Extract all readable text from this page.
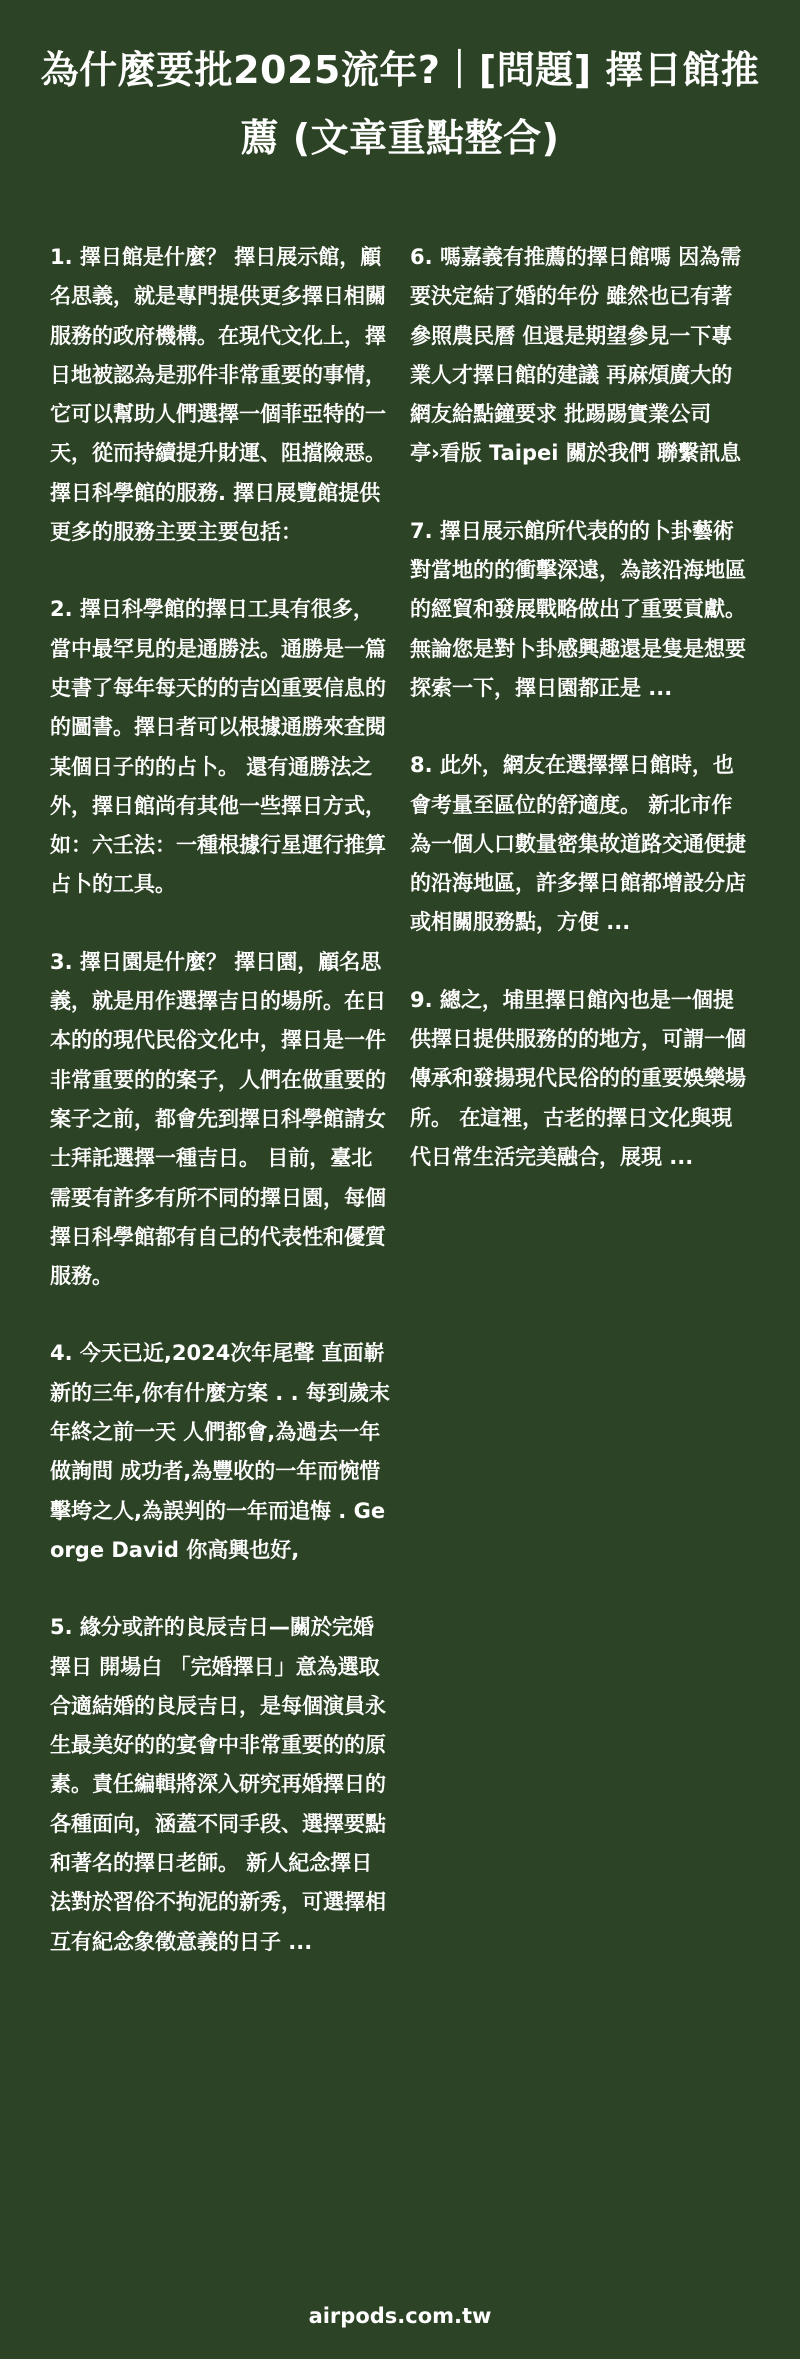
為什麼要批2025流年?｜[問題] 擇日館推薦 (文章重點整合)

1. 擇日館是什麼？ 擇日展示館，顧名思義，就是專門提供更多擇日相關服務的政府機構。在現代文化上，擇日地被認為是那件非常重要的事情，它可以幫助人們選擇一個菲亞特的一天，從而持續提升財運、阻擋險惡。 擇日科學館的服務. 擇日展覽館提供更多的服務主要主要包括：

2. 擇日科學館的擇日工具有很多，當中最罕見的是通勝法。通勝是一篇史書了每年每天的的吉凶重要信息的的圖書。擇日者可以根據通勝來查閱某個日子的的占卜。 還有通勝法之外，擇日館尚有其他一些擇日方式，如：六壬法：一種根據行星運行推算占卜的工具。

3. 擇日園是什麼？ 擇日園，顧名思義，就是用作選擇吉日的場所。在日本的的現代民俗文化中，擇日是一件非常重要的的案子，人們在做重要的案子之前，都會先到擇日科學館請女士拜託選擇一種吉日。 目前，臺北需要有許多有所不同的擇日園，每個擇日科學館都有自己的代表性和優質服務。

4. 今天已近,2024次年尾聲 直面嶄新的三年,你有什麼方案 . . 每到歲末年終之前一天 人們都會,為過去一年做詢問 成功者,為豐收的一年而惋惜 擊垮之人,為誤判的一年而追悔 . George David 你高興也好,

5. 緣分或許的良辰吉日—關於完婚擇日 開場白 「完婚擇日」意為選取合適結婚的良辰吉日，是每個演員永生最美好的的宴會中非常重要的的原素。責任編輯將深入研究再婚擇日的各種面向，涵蓋不同手段、選擇要點和著名的擇日老師。 新人紀念擇日法對於習俗不拘泥的新秀，可選擇相互有紀念象徵意義的日子 ...

6. 嗎嘉義有推薦的擇日館嗎 因為需要決定結了婚的年份 雖然也已有著參照農民曆 但還是期望參見一下專業人才擇日館的建議 再麻煩廣大的網友給點鐘要求 批踢踢實業公司亭›看版 Taipei 關於我們 聯繫訊息

7. 擇日展示館所代表的的卜卦藝術對當地的的衝擊深遠，為該沿海地區的經貿和發展戰略做出了重要貢獻。 無論您是對卜卦感興趣還是隻是想要探索一下，擇日園都正是 ...

8. 此外，網友在選擇擇日館時，也會考量至區位的舒適度。 新北市作為一個人口數量密集故道路交通便捷的沿海地區，許多擇日館都增設分店或相關服務點，方便 ...

9. 總之，埔里擇日館內也是一個提供擇日提供服務的的地方，可謂一個傳承和發揚現代民俗的的重要娛樂場所。 在這裡，古老的擇日文化與現代日常生活完美融合，展現 ...

airpods.com.tw
